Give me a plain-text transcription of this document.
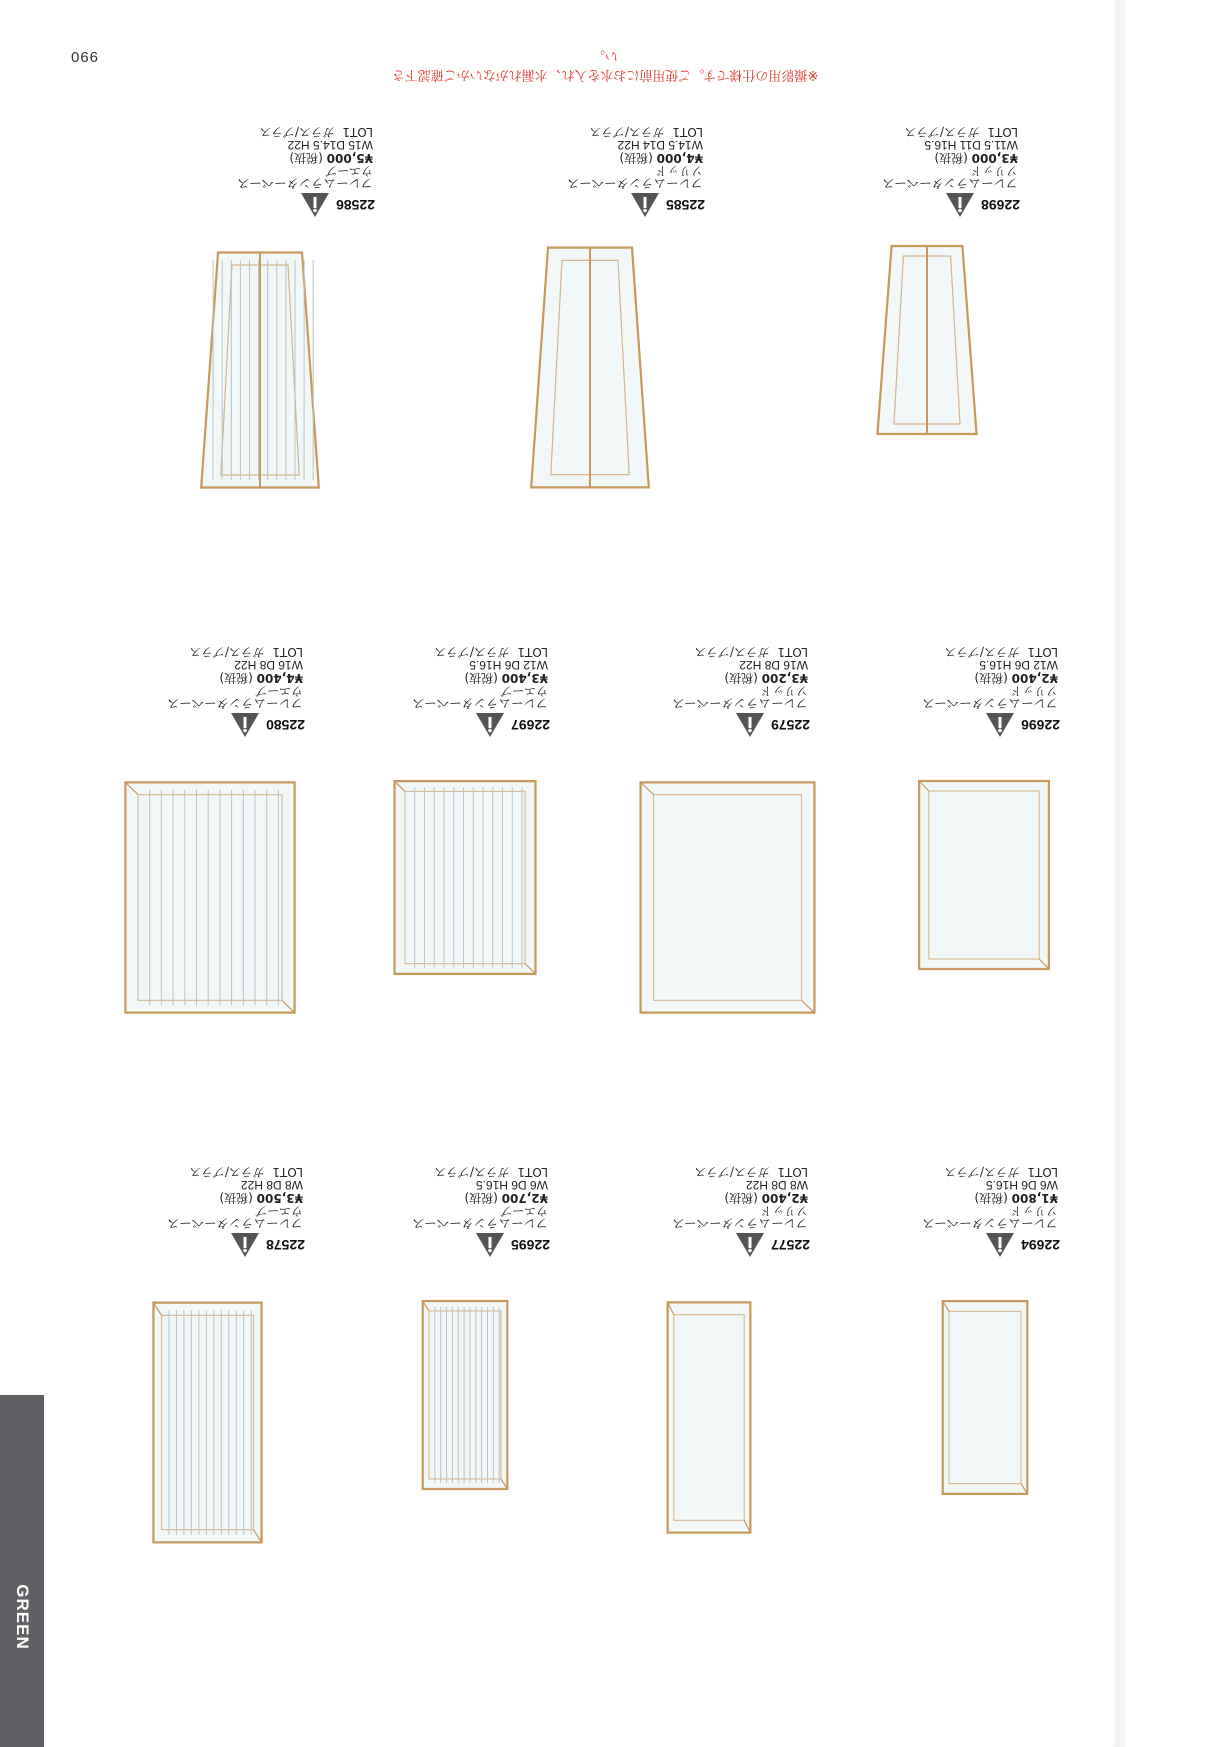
990
※撮影用の仕様です。ご使用前にお水を入れ、水漏れがないかご確認下さい。
GREEN
22698
フレームランターベース
ソリッド
¥3,000 (税抜)
W11.5 D11 H16.5
LOT1  ガラス/ブラス
22585
フレームランターベース
ソリッド
¥4,000 (税抜)
W14.5 D14 H22
LOT1  ガラス/ブラス
22586
フレームランターベース
ウエーブ
¥5,000 (税抜)
W15 D14.5 H22
LOT1  ガラス/ブラス
22696
フレームランターベース
ソリッド
¥2,400 (税抜)
W12 D6 H16.5
LOT1  ガラス/ブラス
22579
フレームランターベース
ソリッド
¥3,200 (税抜)
W16 D8 H22
LOT1  ガラス/ブラス
22697
フレームランターベース
ウエーブ
¥3,400 (税抜)
W12 D6 H16.5
LOT1  ガラス/ブラス
22580
フレームランターベース
ウエーブ
¥4,400 (税抜)
W16 D8 H22
LOT1  ガラス/ブラス
22694
フレームランターベース
ソリッド
¥1,800 (税抜)
W6 D6 H16.5
LOT1  ガラス/ブラス
22577
フレームランターベース
ソリッド
¥2,400 (税抜)
W8 D8 H22
LOT1  ガラス/ブラス
22695
フレームランターベース
ウエーブ
¥2,700 (税抜)
W6 D6 H16.5
LOT1  ガラス/ブラス
22578
フレームランターベース
ウエーブ
¥3,500 (税抜)
W8 D8 H22
LOT1  ガラス/ブラス
